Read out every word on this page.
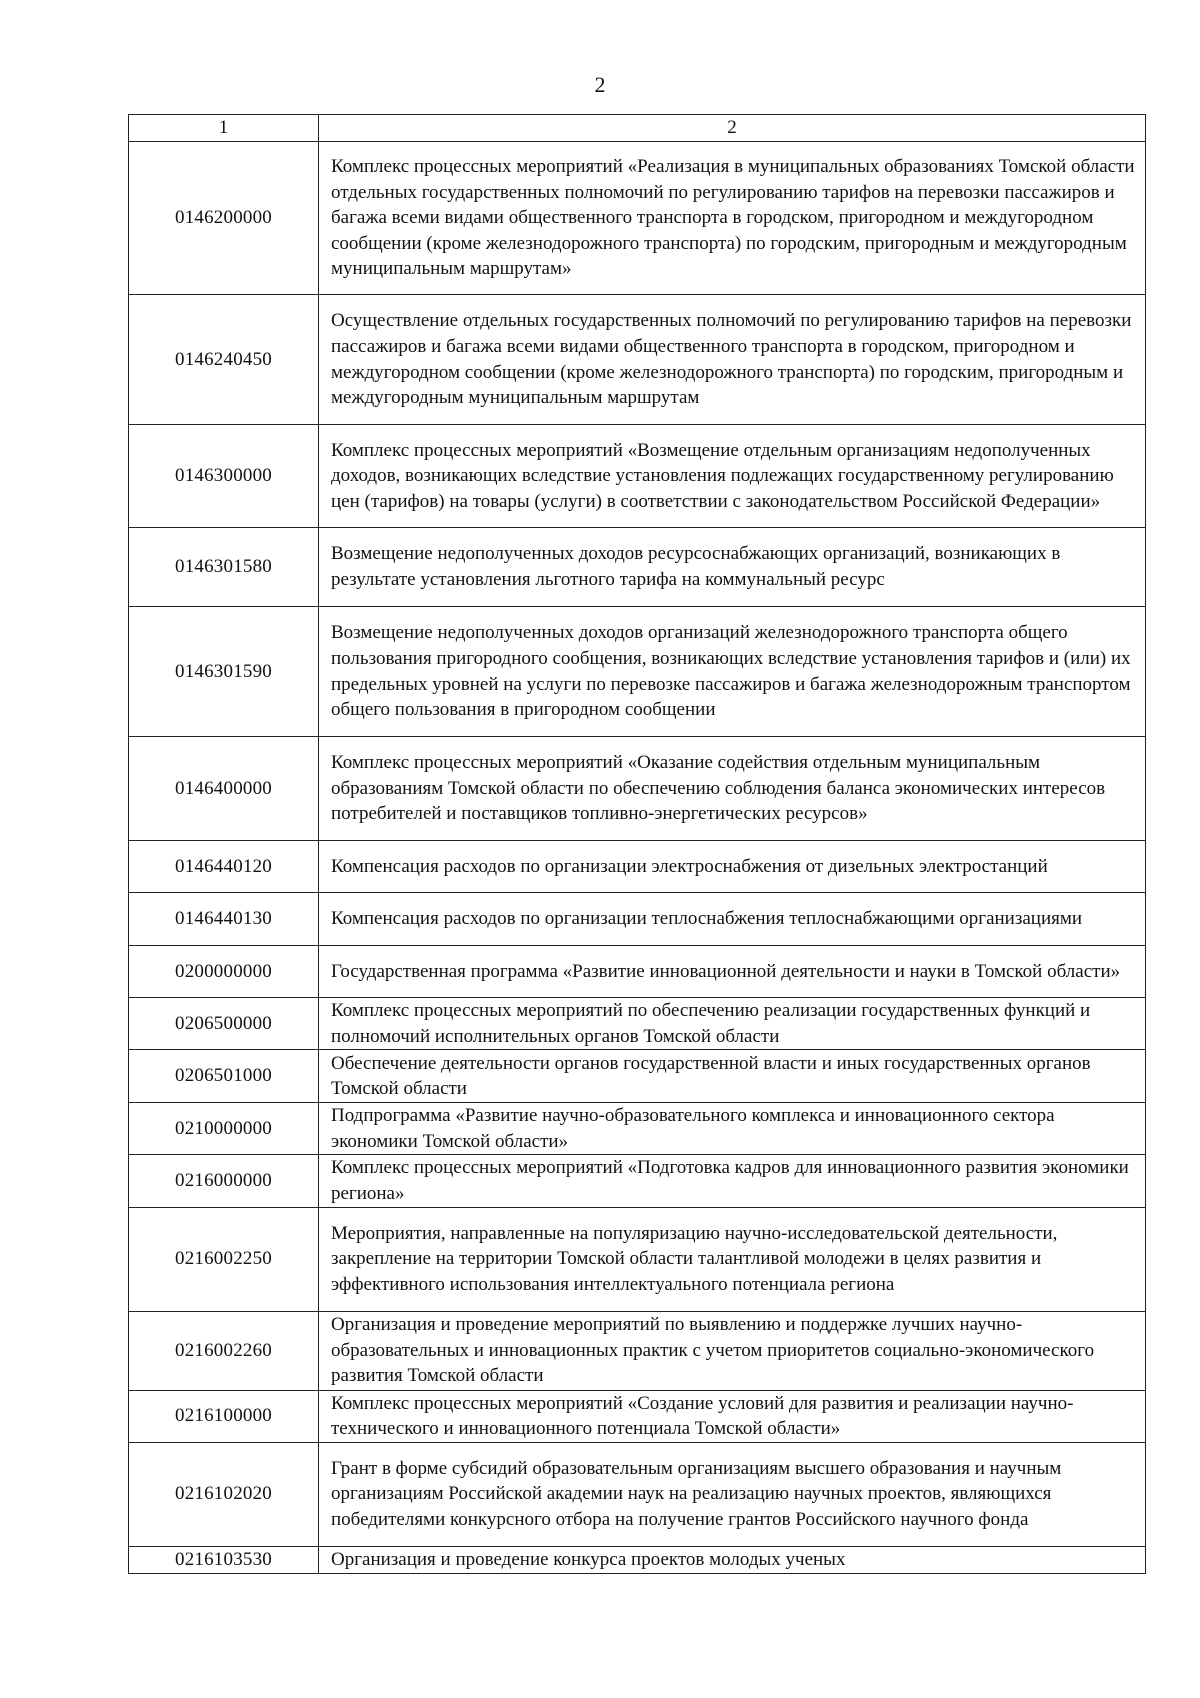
2
1	2
0146200000	Комплекс процессных мероприятий «Реализация в муниципальных образованиях Томской области отдельных государственных полномочий по регулированию тарифов на перевозки пассажиров и багажа всеми видами общественного транспорта в городском, пригородном и междугородном сообщении (кроме железнодорожного транспорта) по городским, пригородным и междугородным муниципальным маршрутам»
0146240450	Осуществление отдельных государственных полномочий по регулированию тарифов на перевозки пассажиров и багажа всеми видами общественного транспорта в городском, пригородном и междугородном сообщении (кроме железнодорожного транспорта) по городским, пригородным и междугородным муниципальным маршрутам
0146300000	Комплекс процессных мероприятий «Возмещение отдельным организациям недополученных доходов, возникающих вследствие установления подлежащих государственному регулированию цен (тарифов) на товары (услуги) в соответствии с законодательством Российской Федерации»
0146301580	Возмещение недополученных доходов ресурсоснабжающих организаций, возникающих в результате установления льготного тарифа на коммунальный ресурс
0146301590	Возмещение недополученных доходов организаций железнодорожного транспорта общего пользования пригородного сообщения, возникающих вследствие установления тарифов и (или) их предельных уровней на услуги по перевозке пассажиров и багажа железнодорожным транспортом общего пользования в пригородном сообщении
0146400000	Комплекс процессных мероприятий «Оказание содействия отдельным муниципальным образованиям Томской области по обеспечению соблюдения баланса экономических интересов потребителей и поставщиков топливно-энергетических ресурсов»
0146440120	Компенсация расходов по организации электроснабжения от дизельных электростанций
0146440130	Компенсация расходов по организации теплоснабжения теплоснабжающими организациями
0200000000	Государственная программа «Развитие инновационной деятельности и науки в Томской области»
0206500000	Комплекс процессных мероприятий по обеспечению реализации государственных функций и полномочий исполнительных органов Томской области
0206501000	Обеспечение деятельности органов государственной власти и иных государственных органов Томской области
0210000000	Подпрограмма «Развитие научно-образовательного комплекса и инновационного сектора экономики Томской области»
0216000000	Комплекс процессных мероприятий «Подготовка кадров для инновационного развития экономики региона»
0216002250	Мероприятия, направленные на популяризацию научно-исследовательской деятельности, закрепление на территории Томской области талантливой молодежи в целях развития и эффективного использования интеллектуального потенциала региона
0216002260	Организация и проведение мероприятий по выявлению и поддержке лучших научно-образовательных и инновационных практик с учетом приоритетов социально-экономического развития Томской области
0216100000	Комплекс процессных мероприятий «Создание условий для развития и реализации научно-технического и инновационного потенциала Томской области»
0216102020	Грант в форме субсидий образовательным организациям высшего образования и научным организациям Российской академии наук на реализацию научных проектов, являющихся победителями конкурсного отбора на получение грантов Российского научного фонда
0216103530	Организация и проведение конкурса проектов молодых ученых
